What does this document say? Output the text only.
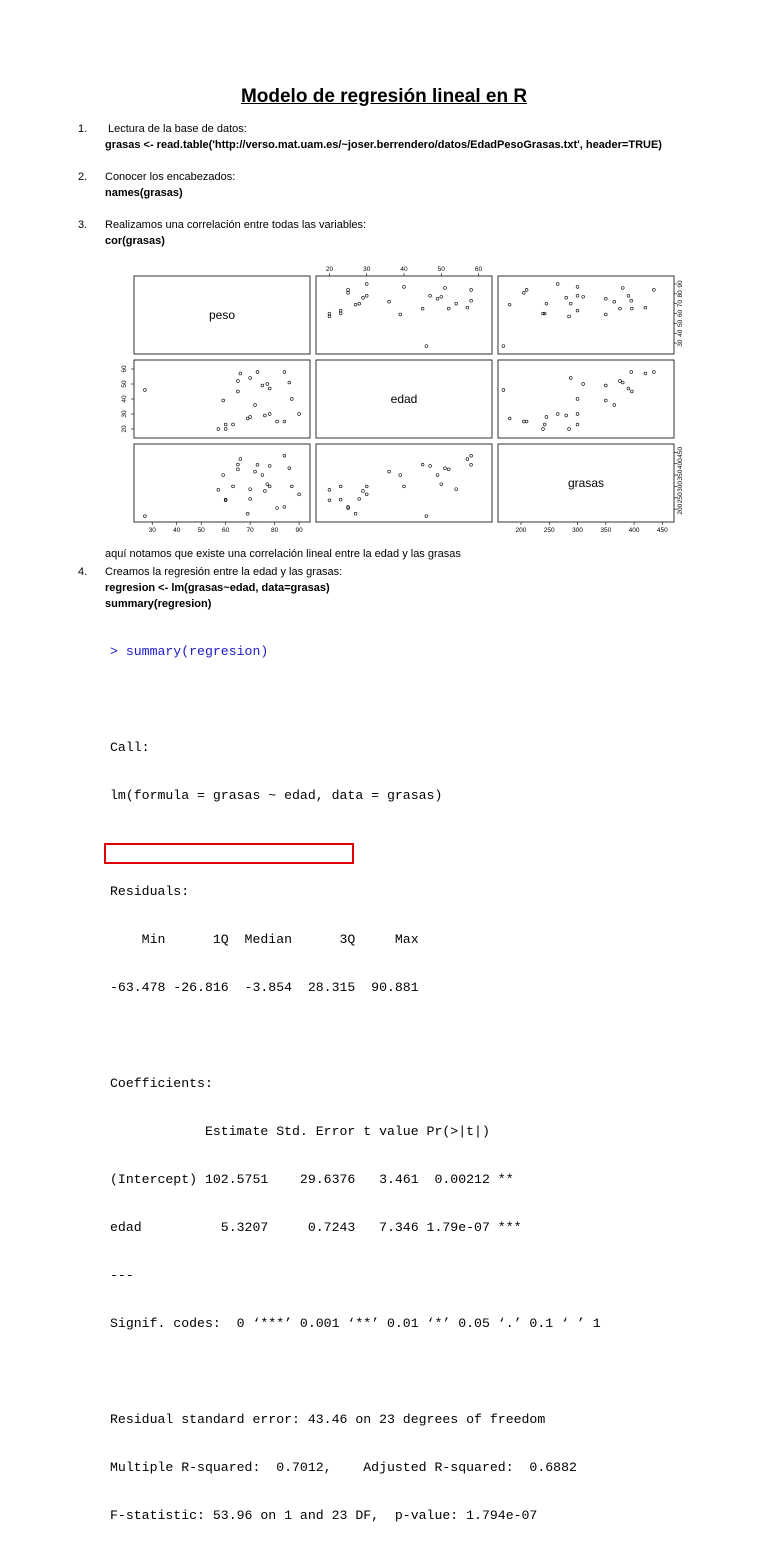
Modelo de regresión lineal en R
1. Lectura de la base de datos:
grasas <- read.table('http://verso.mat.uam.es/~joser.berrendero/datos/EdadPesoGrasas.txt', header=TRUE)
2. Conocer los encabezados:
names(grasas)
3. Realizamos una correlación entre todas las variables:
cor(grasas)
peso
edad
grasas
20	30	40	50	60
30	40	50	60	70	80	90	200	250	300	350	400	450
20
30
40
50
60
30
40
50
60
70
80
90
200
250
300
350
400
450
aquí notamos que existe una correlación lineal entre la edad y las grasas
4. Creamos la regresión entre la edad y las grasas:
regresion <- lm(grasas~edad, data=grasas)
summary(regresion)

> summary(regresion)

Call:

lm(formula = grasas ~ edad, data = grasas)

Residuals:

Min      1Q  Median      3Q     Max

-63.478 -26.816  -3.854  28.315  90.881

Coefficients:

Estimate Std. Error t value Pr(>|t|)

(Intercept) 102.5751    29.6376   3.461  0.00212 **

edad          5.3207     0.7243   7.346 1.79e-07 ***

---

Signif. codes:  0 ‘***’ 0.001 ‘**’ 0.01 ‘*’ 0.05 ‘.’ 0.1 ‘ ’ 1

Residual standard error: 43.46 on 23 degrees of freedom

Multiple R-squared:  0.7012,    Adjusted R-squared:  0.6882

F-statistic: 53.96 on 1 and 23 DF,  p-value: 1.794e-07
